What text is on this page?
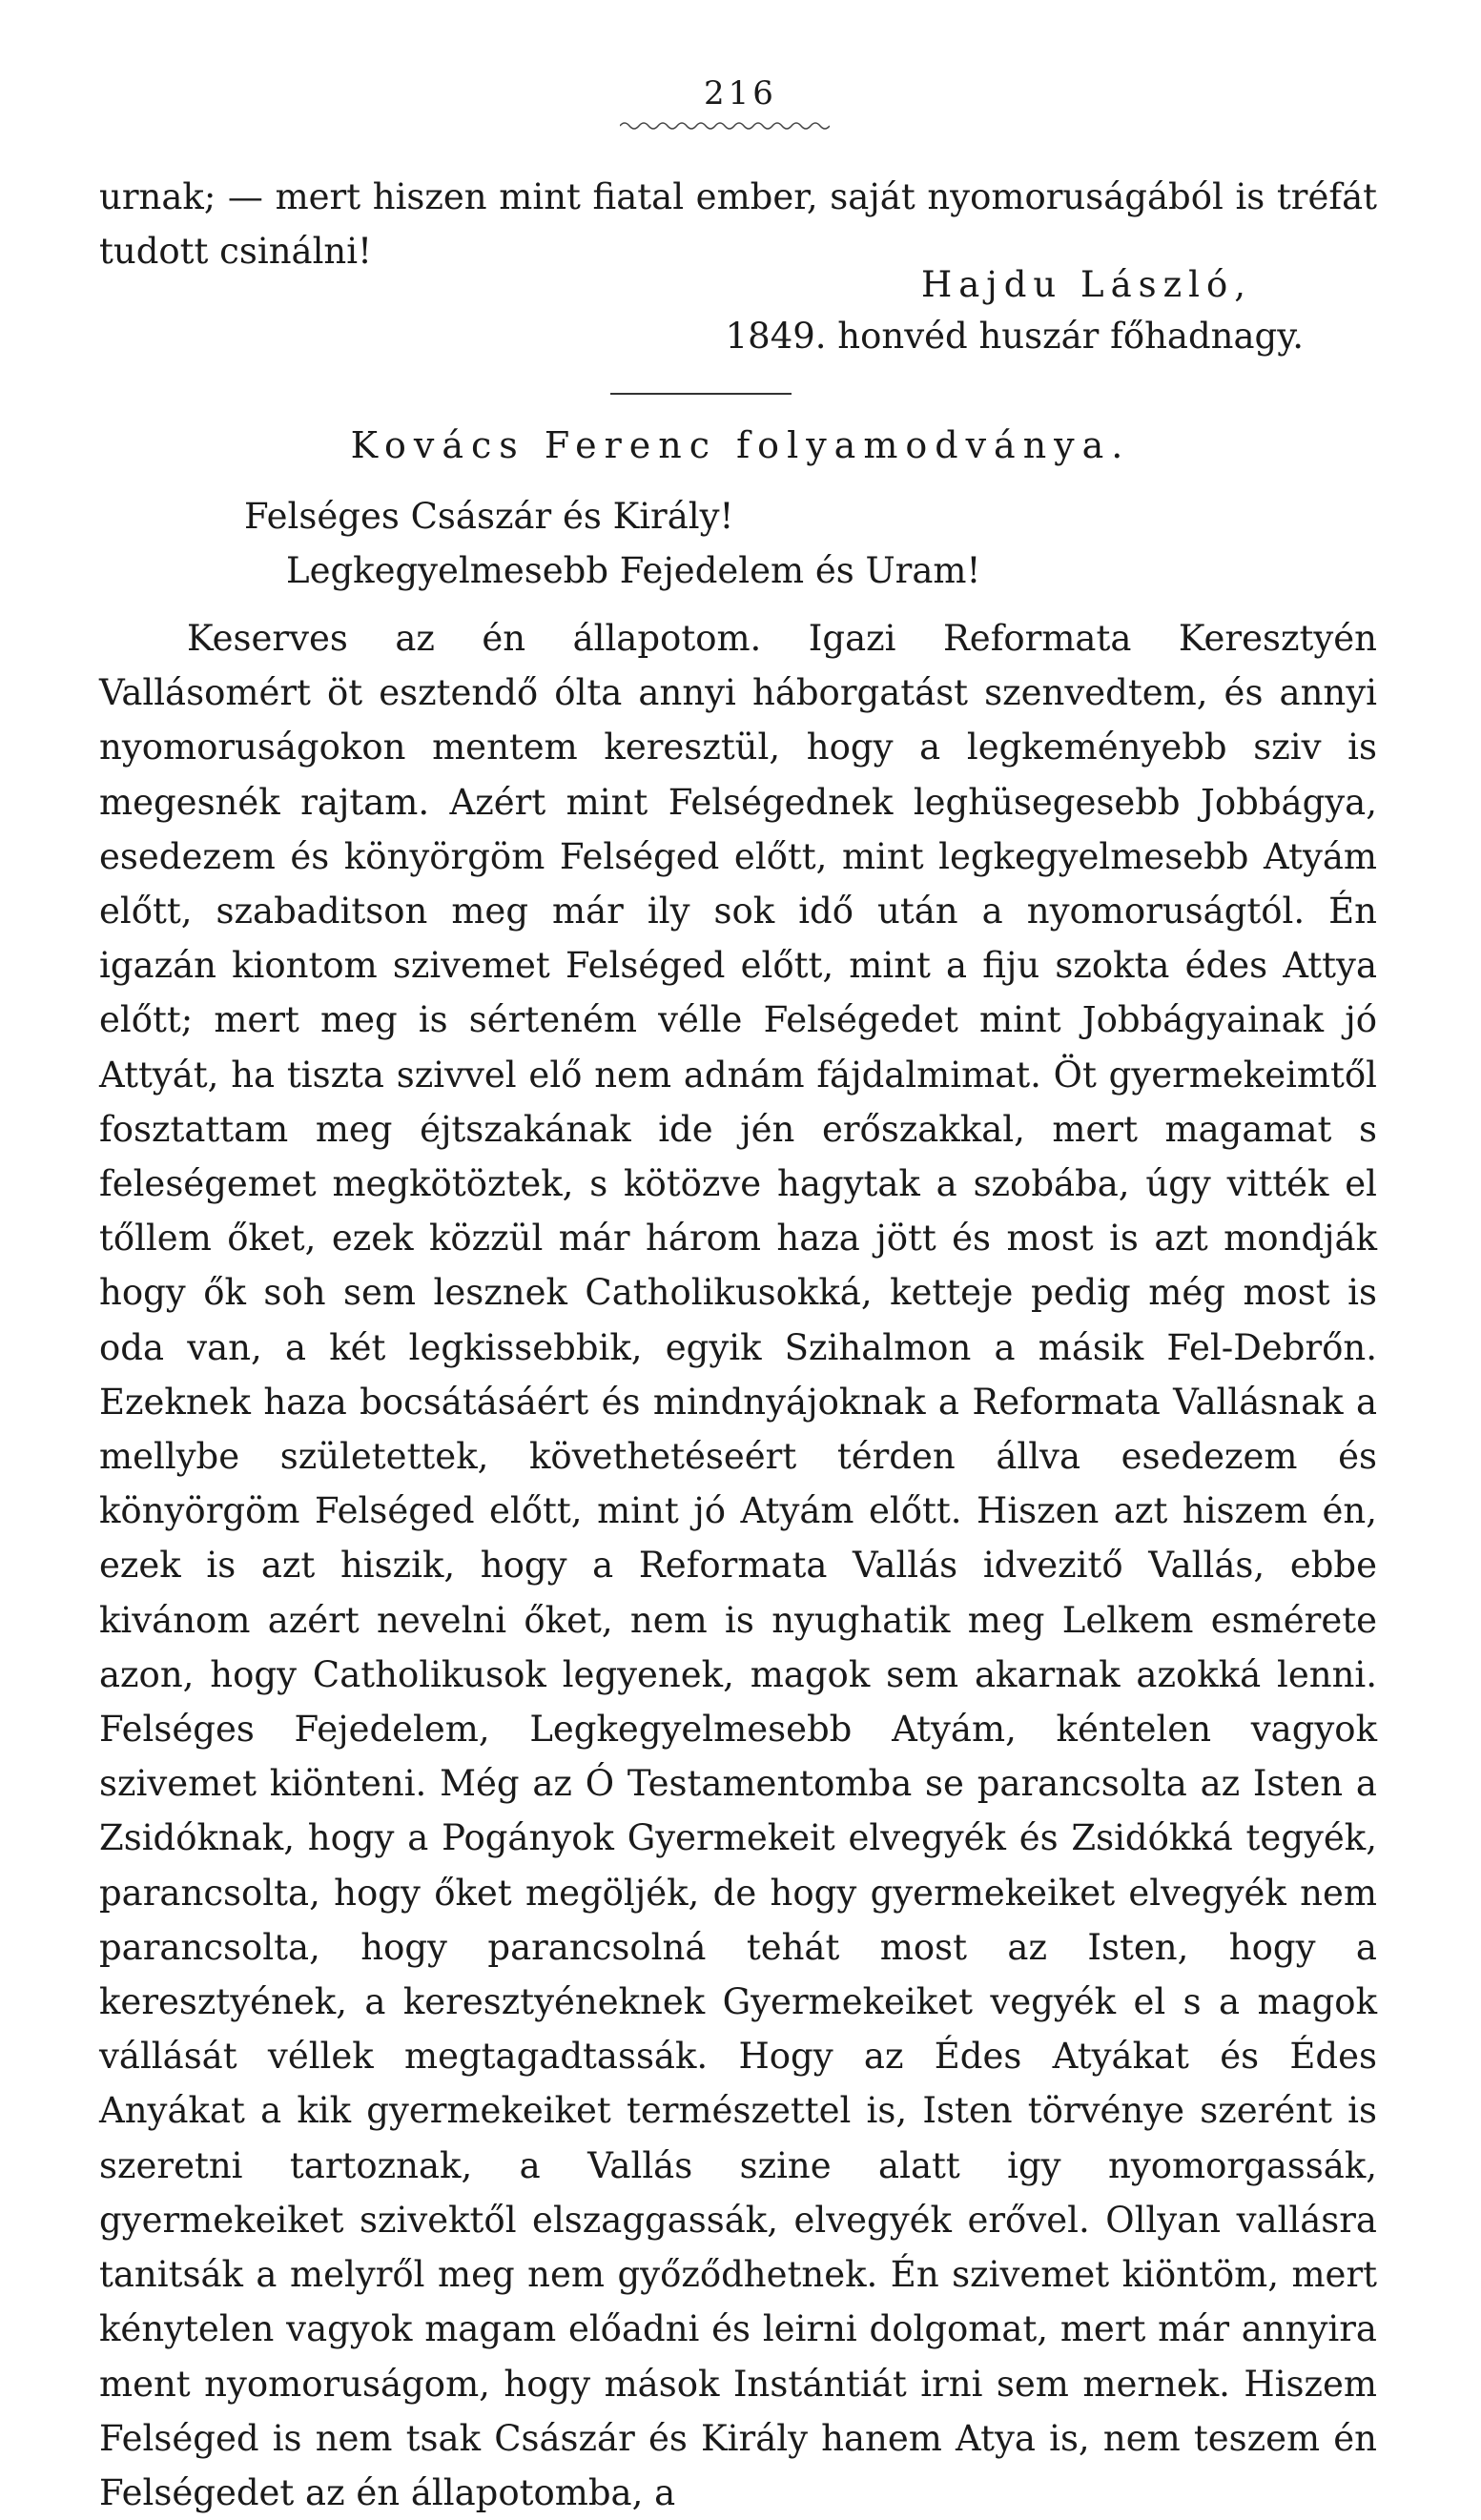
216

urnak; — mert hiszen mint fiatal ember, saját nyomoruságából is tréfát tudott csinálni!

Hajdu László,
1849. honvéd huszár főhadnagy.
Kovács Ferenc folyamodványa.
Felséges Császár és Király!
Legkegyelmesebb Fejedelem és Uram!

Keserves az én állapotom. Igazi Reformata Keresztyén Vallásomért öt esztendő ólta annyi háborgatást szenvedtem, és annyi nyomoruságokon mentem keresztül, hogy a legkeményebb sziv is megesnék rajtam. Azért mint Felségednek leghüsegesebb Jobbágya, esedezem és könyörgöm Felséged előtt, mint legkegyelmesebb Atyám előtt, szabaditson meg már ily sok idő után a nyomoruságtól. Én igazán kiontom szivemet Felséged előtt, mint a fiju szokta édes Attya előtt; mert meg is sérteném vélle Felségedet mint Jobbágyainak jó Attyát, ha tiszta szivvel elő nem adnám fájdalmimat. Öt gyermekeimtől fosztattam meg éjtszakának ide jén erőszakkal, mert magamat s feleségemet megkötöztek, s kötözve hagytak a szobába, úgy vitték el tőllem őket, ezek közzül már három haza jött és most is azt mondják hogy ők soh sem lesznek Catholikusokká, ketteje pedig még most is oda van, a két legkissebbik, egyik Szihalmon a másik Fel-Debrőn. Ezeknek haza bocsátásáért és mindnyájoknak a Reformata Vallásnak a mellybe születettek, követhetéseért térden állva esedezem és könyörgöm Felséged előtt, mint jó Atyám előtt. Hiszen azt hiszem én, ezek is azt hiszik, hogy a Reformata Vallás idvezitő Vallás, ebbe kivánom azért nevelni őket, nem is nyughatik meg Lelkem esméretе azon, hogy Catholikusok legyenek, magok sem akarnak azokká lenni. Felséges Fejedelem, Legkegyelmesebb Atyám, kéntelen vagyok szivemet kiönteni. Még az Ó Testamentomba se parancsolta az Isten a Zsidóknak, hogy a Pogányok Gyermekeit elvegyék és Zsidókká tegyék, parancsolta, hogy őket megöljék, de hogy gyermekeiket elvegyék nem parancsolta, hogy parancsolná tehát most az Isten, hogy a keresztyének, a keresztyéneknek Gyermekeiket vegyék el s a magok vállását véllek megtagadtassák. Hogy az Édes Atyákat és Édes Anyákat a kik gyermekeiket természettel is, Isten törvénye szerént is szeretni tartoznak, a Vallás szine alatt igy nyomorgassák, gyermekeiket szivektől elszaggassák, elvegyék erővel. Ollyan vallásra tanitsák a melyről meg nem győződhetnek. Én szivemet kiöntöm, mert kénytelen vagyok magam előadni és leirni dolgomat, mert már annyira ment nyomoruságom, hogy mások Instántiát irni sem mernek. Hiszem Felséged is nem tsak Császár és Király hanem Atya is, nem teszem én Felségedet az én állapotomba, a
